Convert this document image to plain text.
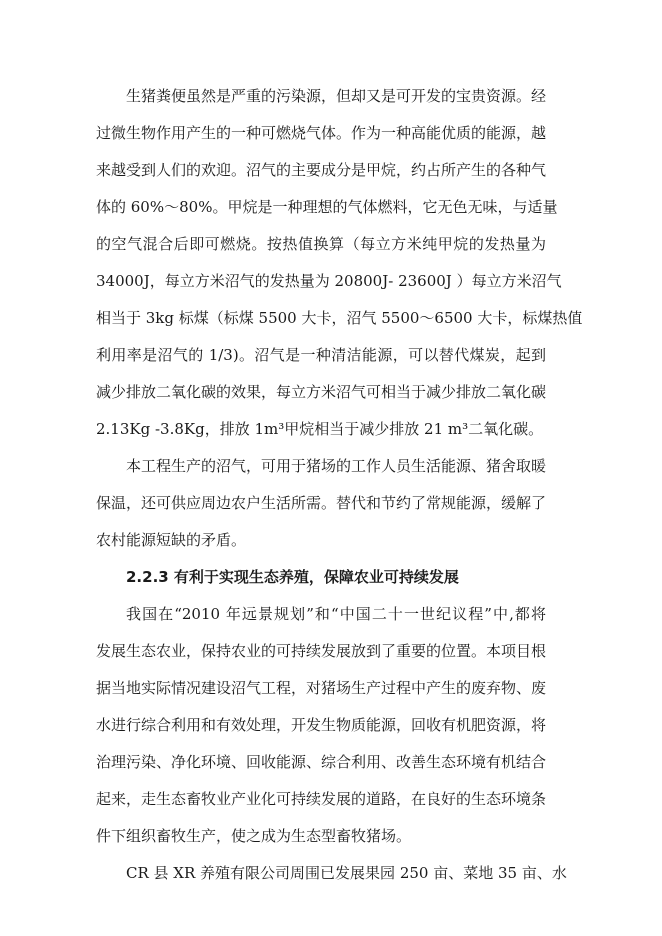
生猪粪便虽然是严重的污染源，但却又是可开发的宝贵资源。经
过微生物作用产生的一种可燃烧气体。作为一种高能优质的能源，越
来越受到人们的欢迎。沼气的主要成分是甲烷，约占所产生的各种气
体的 60%～80%。甲烷是一种理想的气体燃料，它无色无味，与适量
的空气混合后即可燃烧。按热值换算（每立方米纯甲烷的发热量为
34000J，每立方米沼气的发热量为 20800J- 23600J ）每立方米沼气
相当于 3kg 标煤（标煤 5500 大卡，沼气 5500～6500 大卡，标煤热值
利用率是沼气的 1/3)。沼气是一种清洁能源，可以替代煤炭，起到
减少排放二氧化碳的效果，每立方米沼气可相当于减少排放二氧化碳
2.13Kg -3.8Kg，排放 1m³甲烷相当于减少排放 21 m³二氧化碳。
本工程生产的沼气，可用于猪场的工作人员生活能源、猪舍取暖
保温，还可供应周边农户生活所需。替代和节约了常规能源，缓解了
农村能源短缺的矛盾。
2.2.3 有利于实现生态养殖，保障农业可持续发展
我国在“2010 年远景规划”和“中国二十一世纪议程”中,都将
发展生态农业，保持农业的可持续发展放到了重要的位置。本项目根
据当地实际情况建设沼气工程，对猪场生产过程中产生的废弃物、废
水进行综合利用和有效处理，开发生物质能源，回收有机肥资源，将
治理污染、净化环境、回收能源、综合利用、改善生态环境有机结合
起来，走生态畜牧业产业化可持续发展的道路，在良好的生态环境条
件下组织畜牧生产，使之成为生态型畜牧猪场。
CR 县 XR 养殖有限公司周围已发展果园 250 亩、菜地 35 亩、水
